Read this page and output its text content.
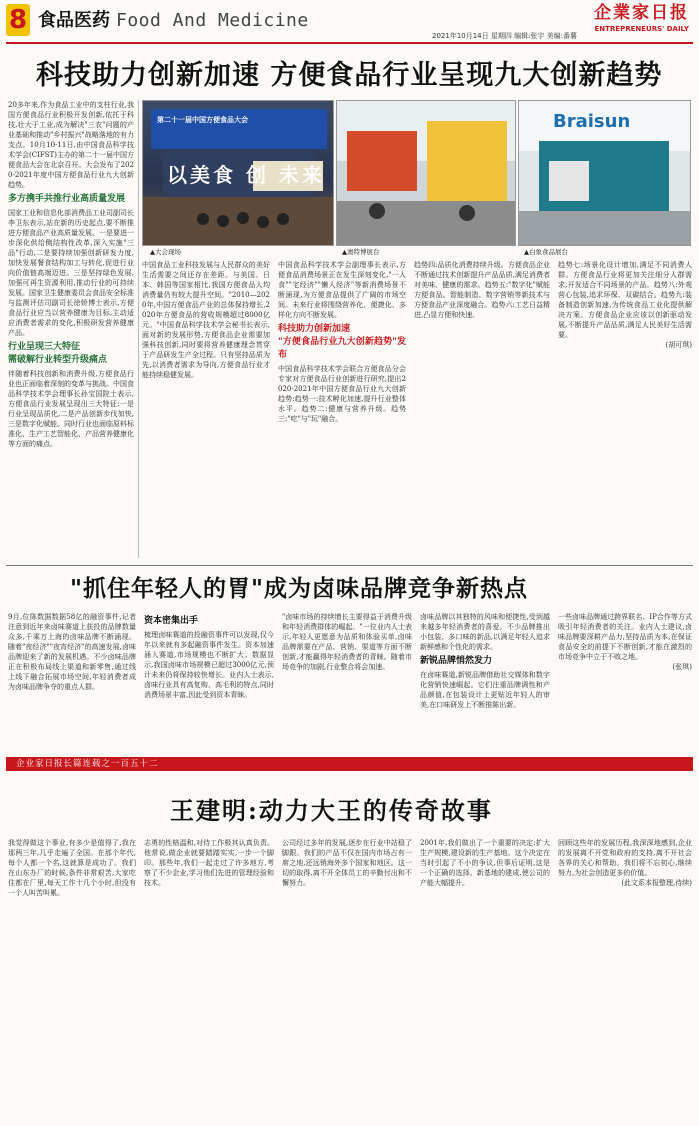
8 食品医药 Food And Medicine	企業家日报
ENTREPRENEURS' DAILY
2021年10月14日 星期四 编辑:张宇 美编:番薯
科技助力创新加速 方便食品行业呈现九大创新趋势

20多年来,作为食品工业中的支柱行业,我国方便食品行业积极开发创新,依托于科技,壮大于工业,成为解决"三农"问题的产业基础和推动"乡村振兴"战略落地的有力支点。10月10-11日,由中国食品科学技术学会(CIFST)主办的第二十一届中国方便食品大会在北京召开。大会发布了2020-2021年度中国方便食品行业九大创新趋势。

多方携手共推行业高质量发展

国家工业和信息化部消费品工业司副司长李卫东表示,站在新的历史起点,要不断推进方便食品产业高质量发展。一是要进一步深化供给侧结构性改革,深入实施"三品"行动,二是要持续加强创新研发力度,加快发展餐食结构加工与转化,促进行业向价值链高端迈进。三是坚持绿色发展,加强可再生资源利用,推动行业的可持续发展。国家卫生健康委员会食品安全标准与监测评估司副司长徐娇博士表示,方便食品行业应当以营养健康为目标,主动适应消费者需求的变化,积极研发营养健康产品。

行业呈现三大特征
需破解行业转型升级痛点

伴随着科技创新和消费升级,方便食品行业也正面临着深刻的变革与挑战。中国食品科学技术学会理事长孙宝国院士表示,方便食品行业发展呈现出三大特征:一是行业呈现品质化,二是产品创新步伐加快,三是数字化赋能。同时行业也面临原料标准化、生产工艺智能化、产品营养健康化等方面的痛点。

第二十一届中国方便食品大会
以美食 创 未来
Braisun
▲大会现场	▲澳特博展台	▲白象食品展台

中国食品工业科技发展与人民群众的美好生活需要之间还存在差距。与美国、日本、韩国等国家相比,我国方便食品人均消费量仍有较大提升空间。"2010—2020年,中国方便食品产业的总体保持增长,2020年方便食品的营收规模超过8000亿元。"中国食品科学技术学会秘书长表示,面对新的发展形势,方便食品企业需要加强科技创新,同时要将营养健康理念贯穿于产品研发生产全过程。只有坚持品质为先,以消费者需求为导向,方便食品行业才能持续稳健发展。

中国食品科学技术学会副理事长表示,方便食品消费场景正在发生深刻变化,"一人食""宅经济""懒人经济"等新消费场景不断涌现,为方便食品提供了广阔的市场空间。未来行业将围绕营养化、便捷化、多样化方向不断发展。

科技助力创新加速
"方便食品行业九大创新趋势"发布

中国食品科学技术学会联合方便食品分会专家对方便食品行业创新进行研究,提出2020-2021年中国方便食品行业九大创新趋势:趋势一:技术孵化加速,提升行业整体水平。趋势二:健康与营养升级。趋势三:"吃"与"玩"融合。

趋势四:品质化消费持续升级。方便食品企业不断通过技术创新提升产品品质,满足消费者对美味、健康的需求。趋势五:"数字化"赋能方便食品。智能制造、数字营销等新技术与方便食品产业深度融合。趋势六:工艺日益精进,凸显方便和快速。

趋势七:场景化设计增加,满足不同消费人群。方便食品行业将更加关注细分人群需求,开发适合不同场景的产品。趋势八:外观营心包装,追求环保、双碳结合。趋势九:装备制造创新加速,为传统食品工业化提供解决方案。方便食品企业应该以创新驱动发展,不断提升产品品质,满足人民美好生活需要。

(胡可琪)

"抓住年轻人的胃"成为卤味品牌竞争新热点

9月,位陈数据数据58亿的融资事件,记者注意到近年来卤味赛道上获投的品牌数量众多,千乘万上海的卤味品牌不断涌现。随着"夜经济""夜宵经济"的高速发展,卤味品牌迎来了新的发展机遇。不少卤味品牌正在积极布局线上渠道和新零售,通过线上线下融合拓展市场空间,年轻消费者成为卤味品牌争夺的重点人群。

资本密集出手

梳理卤味赛道的投融资事件可以发现,仅今年以来就有多起融资事件发生。资本加速涌入赛道,市场规模也不断扩大。数据显示,我国卤味市场规模已超过3000亿元,预计未来仍将保持较快增长。业内人士表示,卤味行业具有高复购、高毛利的特点,同时消费场景丰富,因此受到资本青睐。

"卤味市场的持续增长主要得益于消费升级和年轻消费群体的崛起。"一位业内人士表示,年轻人更愿意为品质和体验买单,卤味品牌需要在产品、营销、渠道等方面不断创新,才能赢得年轻消费者的青睐。随着市场竞争的加剧,行业整合将会加速。

卤味品牌以其独特的风味和便捷性,受到越来越多年轻消费者的喜爱。不少品牌推出小包装、多口味的新品,以满足年轻人追求新鲜感和个性化的需求。

新锐品牌悄然发力

在卤味赛道,新锐品牌借助社交媒体和数字化营销快速崛起。它们注重品牌调性和产品颜值,在包装设计上更贴近年轻人的审美,在口味研发上不断推陈出新。

一些卤味品牌通过跨界联名、IP合作等方式吸引年轻消费者的关注。业内人士建议,卤味品牌要深耕产品力,坚持品质为本,在保证食品安全的前提下不断创新,才能在激烈的市场竞争中立于不败之地。

(张琪)

企业家日报长篇连载之一百五十二
王建明:动力大王的传奇故事

我觉得做这个事业,有多少是值得了,我在那两三年,几乎走遍了全国。在那个年代,每个人都一个名,这就算是成功了。我们在山东办厂的时候,条件非常艰苦,大家吃住都在厂里,每天工作十几个小时,但没有一个人叫苦叫累。

志勇的性格温和,对待工作极其认真负责。他常说,做企业就要踏踏实实,一步一个脚印。那些年,我们一起走过了许多地方,考察了不少企业,学习他们先进的管理经验和技术。

公司经过多年的发展,逐步在行业中站稳了脚跟。我们的产品不仅在国内市场占有一席之地,还远销海外多个国家和地区。这一切的取得,离不开全体员工的辛勤付出和不懈努力。

2001年,我们做出了一个重要的决定:扩大生产规模,建设新的生产基地。这个决定在当时引起了不小的争议,但事后证明,这是一个正确的选择。新基地的建成,使公司的产能大幅提升。

回顾这些年的发展历程,我深深地感到,企业的发展离不开党和政府的支持,离不开社会各界的关心和帮助。我们将不忘初心,继续努力,为社会创造更多的价值。

(此文系本报整理,待续)
